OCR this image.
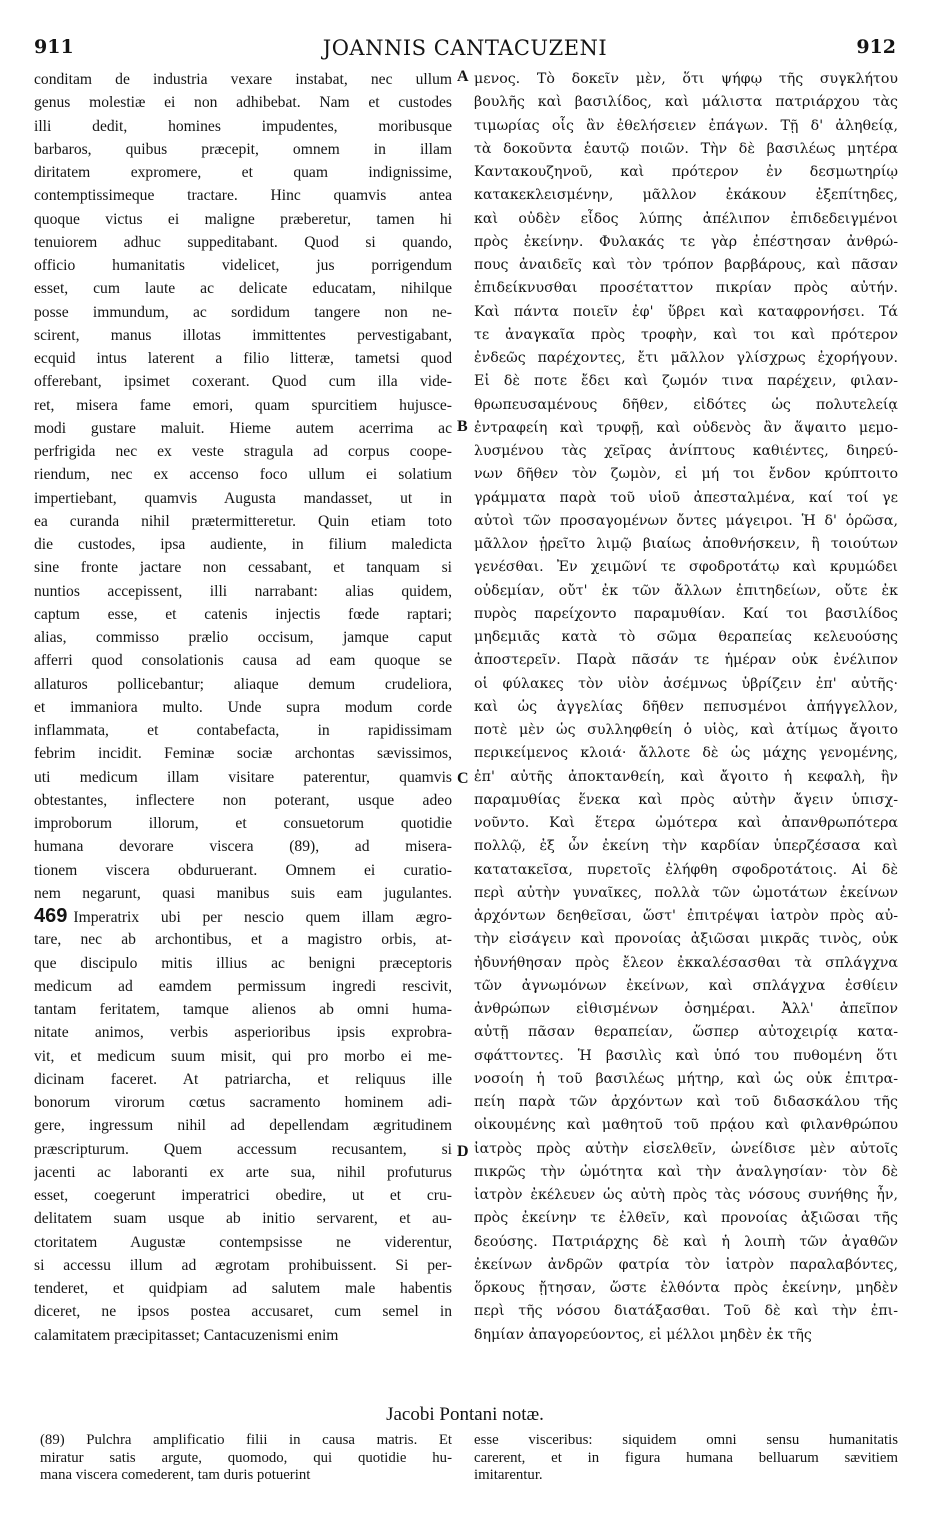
911	JOANNIS CANTACUZENI	912
conditam de industria vexare instabat, nec ullum
genus molestiæ ei non adhibebat. Nam et custodes
illi dedit, homines impudentes, moribusque
barbaros, quibus præcepit, omnem in illam
diritatem expromere, et quam indignissime,
contemptissimeque tractare. Hinc quamvis antea
quoque victus ei maligne præberetur, tamen hi
tenuiorem adhuc suppeditabant. Quod si quando,
officio humanitatis videlicet, jus porrigendum
esset, cum laute ac delicate educatam, nihilque
posse immundum, ac sordidum tangere non ne-
scirent, manus illotas immittentes pervestigabant,
ecquid intus laterent a filio litteræ, tametsi quod
offerebant, ipsimet coxerant. Quod cum illa vide-
ret, misera fame emori, quam spurcitiem hujusce-
modi gustare maluit. Hieme autem acerrima ac
perfrigida nec ex veste stragula ad corpus coope-
riendum, nec ex accenso foco ullum ei solatium
impertiebant, quamvis Augusta mandasset, ut in
ea curanda nihil prætermitteretur. Quin etiam toto
die custodes, ipsa audiente, in filium maledicta
sine fronte jactare non cessabant, et tanquam si
nuntios accepissent, illi narrabant: alias quidem,
captum esse, et catenis injectis fœde raptari;
alias, commisso prælio occisum, jamque caput
afferri quod consolationis causa ad eam quoque se
allaturos pollicebantur; aliaque demum crudeliora,
et immaniora multo. Unde supra modum corde
inflammata, et contabefacta, in rapidissimam
febrim incidit. Feminæ sociæ archontas sævissimos,
uti medicum illam visitare paterentur, quamvis
obtestantes, inflectere non poterant, usque adeo
improborum illorum, et consuetorum quotidie
humana devorare viscera (89), ad misera-
tionem viscera obduruerant. Omnem ei curatio-
nem negarunt, quasi manibus suis eam jugulantes.
469 Imperatrix ubi per nescio quem illam ægro-
tare, nec ab archontibus, et a magistro orbis, at-
que discipulo mitis illius ac benigni præceptoris
medicum ad eamdem permissum ingredi rescivit,
tantam feritatem, tamque alienos ab omni huma-
nitate animos, verbis asperioribus ipsis exprobra-
vit, et medicum suum misit, qui pro morbo ei me-
dicinam faceret. At patriarcha, et reliquus ille
bonorum virorum cœtus sacramento hominem adi-
gere, ingressum nihil ad depellendam ægritudinem
præscripturum. Quem accessum recusantem, si
jacenti ac laboranti ex arte sua, nihil profuturus
esset, coegerunt imperatrici obedire, ut et cru-
delitatem suam usque ab initio servarent, et au-
ctoritatem Augustæ contempsisse ne viderentur,
si accessu illum ad ægrotam prohibuissent. Si per-
tenderet, et quidpiam ad salutem male habentis
diceret, ne ipsos postea accusaret, cum semel in
calamitatem præcipitasset; Cantacuzenismi enim
μενος. Τὸ δοκεῖν μὲν, ὅτι ψήφῳ τῆς συγκλήτου
βουλῆς καὶ βασιλίδος, καὶ μάλιστα πατριάρχου τὰς
τιμωρίας οἷς ἂν ἐθελήσειεν ἐπάγων. Τῇ δ' ἀληθείᾳ,
τὰ δοκοῦντα ἑαυτῷ ποιῶν. Τὴν δὲ βασιλέως μητέρα
Καντακουζηνοῦ, καὶ πρότερον ἐν δεσμωτηρίῳ
κατακεκλεισμένην, μᾶλλον ἐκάκουν ἐξεπίτηδες,
καὶ οὐδὲν εἶδος λύπης ἀπέλιπον ἐπιδεδειγμένοι
πρὸς ἐκείνην. Φυλακάς τε γὰρ ἐπέστησαν ἀνθρώ-
πους ἀναιδεῖς καὶ τὸν τρόπον βαρβάρους, καὶ πᾶσαν
ἐπιδείκνυσθαι προσέταττον πικρίαν πρὸς αὐτήν.
Καὶ πάντα ποιεῖν ἐφ' ὕβρει καὶ καταφρονήσει. Τά
τε ἀναγκαῖα πρὸς τροφὴν, καὶ τοι καὶ πρότερον
ἐνδεῶς παρέχοντες, ἔτι μᾶλλον γλίσχρως ἐχορήγουν.
Εἰ δὲ ποτε ἔδει καὶ ζωμόν τινα παρέχειν, φιλαν-
θρωπευσαμένους δῆθεν, εἰδότες ὡς πολυτελείᾳ
ἐντραφείη καὶ τρυφῇ, καὶ οὐδενὸς ἂν ἅψαιτο μεμο-
λυσμένου τὰς χεῖρας ἀνίπτους καθιέντες, διηρεύ-
νων δῆθεν τὸν ζωμὸν, εἰ μή τοι ἔνδον κρύπτοιτο
γράμματα παρὰ τοῦ υἱοῦ ἀπεσταλμένα, καί τοί γε
αὐτοὶ τῶν προσαγομένων ὄντες μάγειροι. Ἡ δ' ὁρῶσα,
μᾶλλον ᾑρεῖτο λιμῷ βιαίως ἀποθνήσκειν, ἢ τοιούτων
γενέσθαι. Ἐν χειμῶνί τε σφοδροτάτῳ καὶ κρυμώδει
οὐδεμίαν, οὔτ' ἐκ τῶν ἄλλων ἐπιτηδείων, οὔτε ἐκ
πυρὸς παρείχοντο παραμυθίαν. Καί τοι βασιλίδος
μηδεμιᾶς κατὰ τὸ σῶμα θεραπείας κελευούσης
ἀποστερεῖν. Παρὰ πᾶσάν τε ἡμέραν οὐκ ἐνέλιπον
οἱ φύλακες τὸν υἱὸν ἀσέμνως ὑβρίζειν ἐπ' αὐτῆς·
καὶ ὡς ἀγγελίας δῆθεν πεπυσμένοι ἀπήγγελλον,
ποτὲ μὲν ὡς συλληφθείη ὁ υἱὸς, καὶ ἀτίμως ἄγοιτο
περικείμενος κλοιά· ἄλλοτε δὲ ὡς μάχης γενομένης,
ἐπ' αὐτῆς ἀποκτανθείη, καὶ ἄγοιτο ἡ κεφαλὴ, ἣν
παραμυθίας ἕνεκα καὶ πρὸς αὐτὴν ἄγειν ὑπισχ-
νοῦντο. Καὶ ἕτερα ὠμότερα καὶ ἀπανθρωπότερα
πολλῷ, ἐξ ὧν ἐκείνη τὴν καρδίαν ὑπερζέσασα καὶ
κατατακεῖσα, πυρετοῖς ἐλήφθη σφοδροτάτοις. Αἱ δὲ
περὶ αὐτὴν γυναῖκες, πολλὰ τῶν ὠμοτάτων ἐκείνων
ἀρχόντων δεηθεῖσαι, ὥστ' ἐπιτρέψαι ἰατρὸν πρὸς αὐ-
τὴν εἰσάγειν καὶ προνοίας ἀξιῶσαι μικρᾶς τινὸς, οὐκ
ἠδυνήθησαν πρὸς ἔλεον ἐκκαλέσασθαι τὰ σπλάγχνα
τῶν ἀγνωμόνων ἐκείνων, καὶ σπλάγχνα ἐσθίειν
ἀνθρώπων εἰθισμένων ὀσημέραι. Ἀλλ' ἀπεῖπον
αὐτῇ πᾶσαν θεραπείαν, ὥσπερ αὐτοχειρίᾳ κατα-
σφάττοντες. Ἡ βασιλὶς καὶ ὑπό του πυθομένη ὅτι
νοσοίη ἡ τοῦ βασιλέως μήτηρ, καὶ ὡς οὐκ ἐπιτρα-
πείη παρὰ τῶν ἀρχόντων καὶ τοῦ διδασκάλου τῆς
οἰκουμένης καὶ μαθητοῦ τοῦ πρᾴου καὶ φιλανθρώπου
ἰατρὸς πρὸς αὐτὴν εἰσελθεῖν, ὠνείδισε μὲν αὐτοῖς
πικρῶς τὴν ὠμότητα καὶ τὴν ἀναλγησίαν· τὸν δὲ
ἰατρὸν ἐκέλευεν ὡς αὐτὴ πρὸς τὰς νόσους συνήθης ἦν,
πρὸς ἐκείνην τε ἐλθεῖν, καὶ προνοίας ἀξιῶσαι τῆς
δεούσης. Πατριάρχης δὲ καὶ ἡ λοιπὴ τῶν ἀγαθῶν
ἐκείνων ἀνδρῶν φατρία τὸν ἰατρὸν παραλαβόντες,
ὅρκους ᾔτησαν, ὥστε ἐλθόντα πρὸς ἐκείνην, μηδὲν
περὶ τῆς νόσου διατάξασθαι. Τοῦ δὲ καὶ τὴν ἐπι-
δημίαν ἀπαγορεύοντος, εἰ μέλλοι μηδὲν ἐκ τῆς
A
B
C
D
Jacobi Pontani notæ.
(89) Pulchra amplificatio filii in causa matris. Et
miratur satis argute, quomodo, qui quotidie hu-
mana viscera comederent, tam duris potuerint
esse visceribus: siquidem omni sensu humanitatis
carerent, et in figura humana belluarum sævitiem
imitarentur.
